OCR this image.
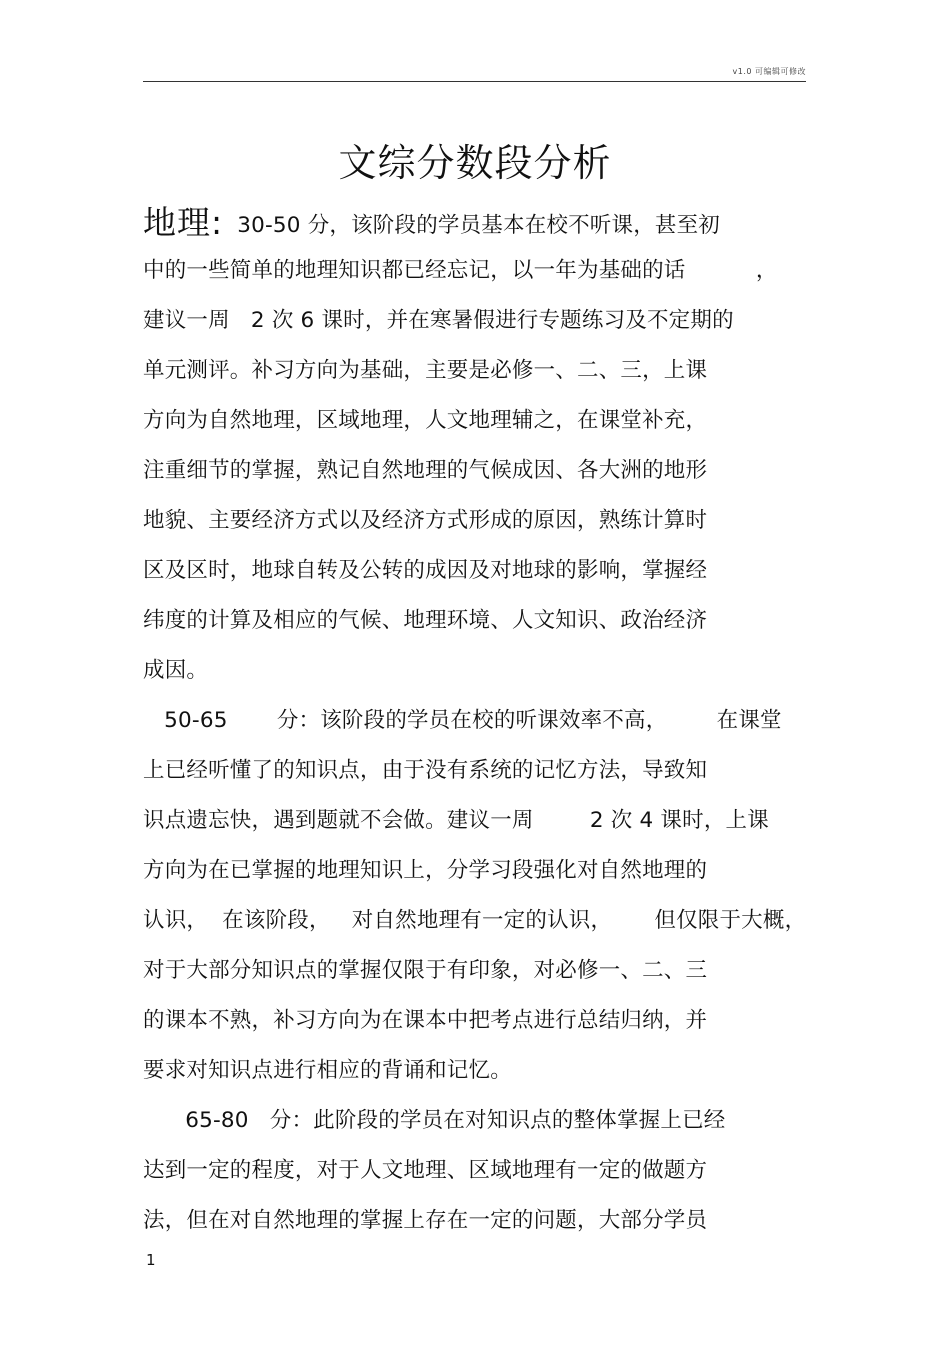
v1.0 可编辑可修改
文综分数段分析
地理:  30-50 分，该阶段的学员基本在校不听课，甚至初
中的一些简单的地理知识都已经忘记，以一年为基础的话          ，
建议一周   2 次 6 课时，并在寒暑假进行专题练习及不定期的
单元测评。补习方向为基础，主要是必修一、二、三，上课
方向为自然地理，区域地理，人文地理辅之，在课堂补充，
注重细节的掌握，熟记自然地理的气候成因、各大洲的地形
地貌、主要经济方式以及经济方式形成的原因，熟练计算时
区及区时，地球自转及公转的成因及对地球的影响，掌握经
纬度的计算及相应的气候、地理环境、人文知识、政治经济
成因。
50-65       分：该阶段的学员在校的听课效率不高，       在课堂
上已经听懂了的知识点，由于没有系统的记忆方法，导致知
识点遗忘快，遇到题就不会做。建议一周        2 次 4 课时，上课
方向为在已掌握的地理知识上，分学习段强化对自然地理的
认识，  在该阶段，   对自然地理有一定的认识，      但仅限于大概，
对于大部分知识点的掌握仅限于有印象，对必修一、二、三
的课本不熟，补习方向为在课本中把考点进行总结归纳，并
要求对知识点进行相应的背诵和记忆。
65-80   分：此阶段的学员在对知识点的整体掌握上已经
达到一定的程度，对于人文地理、区域地理有一定的做题方
法，但在对自然地理的掌握上存在一定的问题，大部分学员
1
